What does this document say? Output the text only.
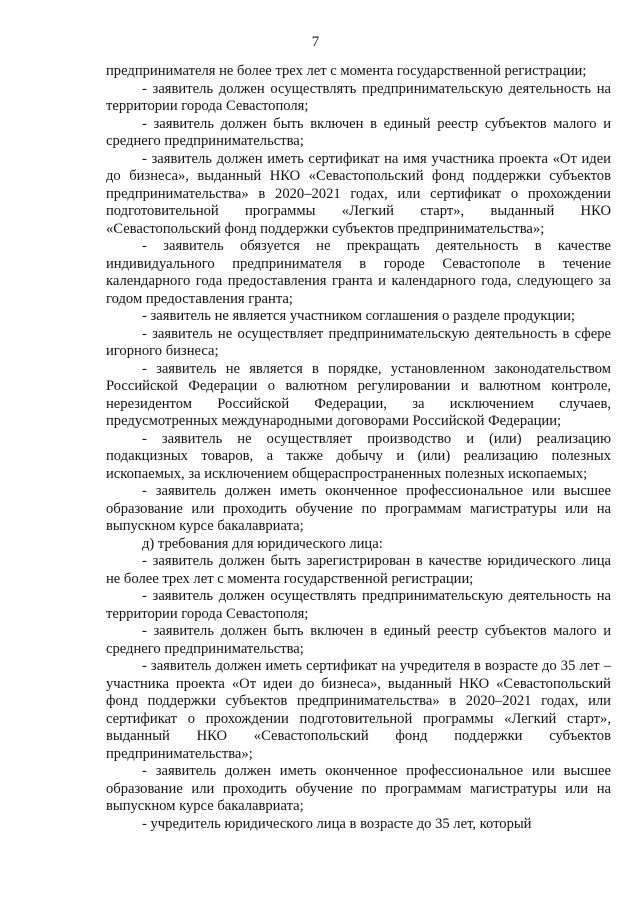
7

предпринимателя не более трех лет с момента государственной регистрации;

- заявитель должен осуществлять предпринимательскую деятельность на территории города Севастополя;

- заявитель должен быть включен в единый реестр субъектов малого и среднего предпринимательства;

- заявитель должен иметь сертификат на имя участника проекта «От идеи до бизнеса», выданный НКО «Севастопольский фонд поддержки субъектов предпринимательства» в 2020–2021 годах, или сертификат о прохождении подготовительной программы «Легкий старт», выданный НКО «Севастопольский фонд поддержки субъектов предпринимательства»;

- заявитель обязуется не прекращать деятельность в качестве индивидуального предпринимателя в городе Севастополе в течение календарного года предоставления гранта и календарного года, следующего за годом предоставления гранта;

- заявитель не является участником соглашения о разделе продукции;

- заявитель не осуществляет предпринимательскую деятельность в сфере игорного бизнеса;

- заявитель не является в порядке, установленном законодательством Российской Федерации о валютном регулировании и валютном контроле, нерезидентом Российской Федерации, за исключением случаев, предусмотренных международными договорами Российской Федерации;

- заявитель не осуществляет производство и (или) реализацию подакцизных товаров, а также добычу и (или) реализацию полезных ископаемых, за исключением общераспространенных полезных ископаемых;

- заявитель должен иметь оконченное профессиональное или высшее образование или проходить обучение по программам магистратуры или на выпускном курсе бакалавриата;

д) требования для юридического лица:

- заявитель должен быть зарегистрирован в качестве юридического лица не более трех лет с момента государственной регистрации;

- заявитель должен осуществлять предпринимательскую деятельность на территории города Севастополя;

- заявитель должен быть включен в единый реестр субъектов малого и среднего предпринимательства;

- заявитель должен иметь сертификат на учредителя в возрасте до 35 лет – участника проекта «От идеи до бизнеса», выданный НКО «Севастопольский фонд поддержки субъектов предпринимательства» в 2020–2021 годах, или сертификат о прохождении подготовительной программы «Легкий старт», выданный НКО «Севастопольский фонд поддержки субъектов предпринимательства»;

- заявитель должен иметь оконченное профессиональное или высшее образование или проходить обучение по программам магистратуры или на выпускном курсе бакалавриата;

- учредитель юридического лица в возрасте до 35 лет, который
